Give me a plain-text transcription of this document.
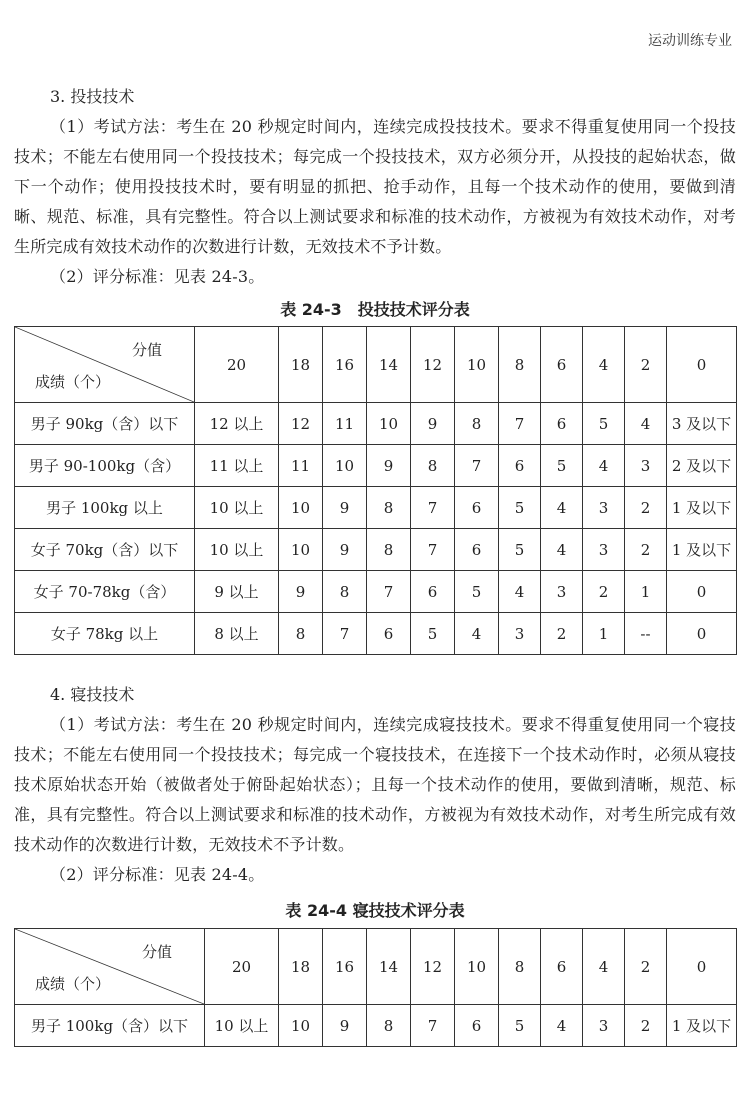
运动训练专业

3. 投技技术

（1）考试方法：考生在 20 秒规定时间内，连续完成投技技术。要求不得重复使用同一个投技技术；不能左右使用同一个投技技术；每完成一个投技技术，双方必须分开，从投技的起始状态，做下一个动作；使用投技技术时，要有明显的抓把、抢手动作，且每一个技术动作的使用，要做到清晰、规范、标准，具有完整性。符合以上测试要求和标准的技术动作，方被视为有效技术动作，对考生所完成有效技术动作的次数进行计数，无效技术不予计数。

（2）评分标准：见表 24-3。

表 24-3　投技技术评分表

分值
成绩（个）	20	18	16	14	12	10	8	6	4	2	0
男子 90kg（含）以下	12 以上	12	11	10	9	8	7	6	5	4	3 及以下
男子 90-100kg（含）	11 以上	11	10	9	8	7	6	5	4	3	2 及以下
男子 100kg 以上	10 以上	10	9	8	7	6	5	4	3	2	1 及以下
女子 70kg（含）以下	10 以上	10	9	8	7	6	5	4	3	2	1 及以下
女子 70-78kg（含）	9 以上	9	8	7	6	5	4	3	2	1	0
女子 78kg 以上	8 以上	8	7	6	5	4	3	2	1	--	0

4. 寝技技术

（1）考试方法：考生在 20 秒规定时间内，连续完成寝技技术。要求不得重复使用同一个寝技技术；不能左右使用同一个投技技术；每完成一个寝技技术，在连接下一个技术动作时，必须从寝技技术原始状态开始（被做者处于俯卧起始状态）；且每一个技术动作的使用，要做到清晰，规范、标准，具有完整性。符合以上测试要求和标准的技术动作，方被视为有效技术动作，对考生所完成有效技术动作的次数进行计数，无效技术不予计数。

（2）评分标准：见表 24-4。

表 24-4 寝技技术评分表

分值
成绩（个）	20	18	16	14	12	10	8	6	4	2	0
男子 100kg（含）以下	10 以上	10	9	8	7	6	5	4	3	2	1 及以下
